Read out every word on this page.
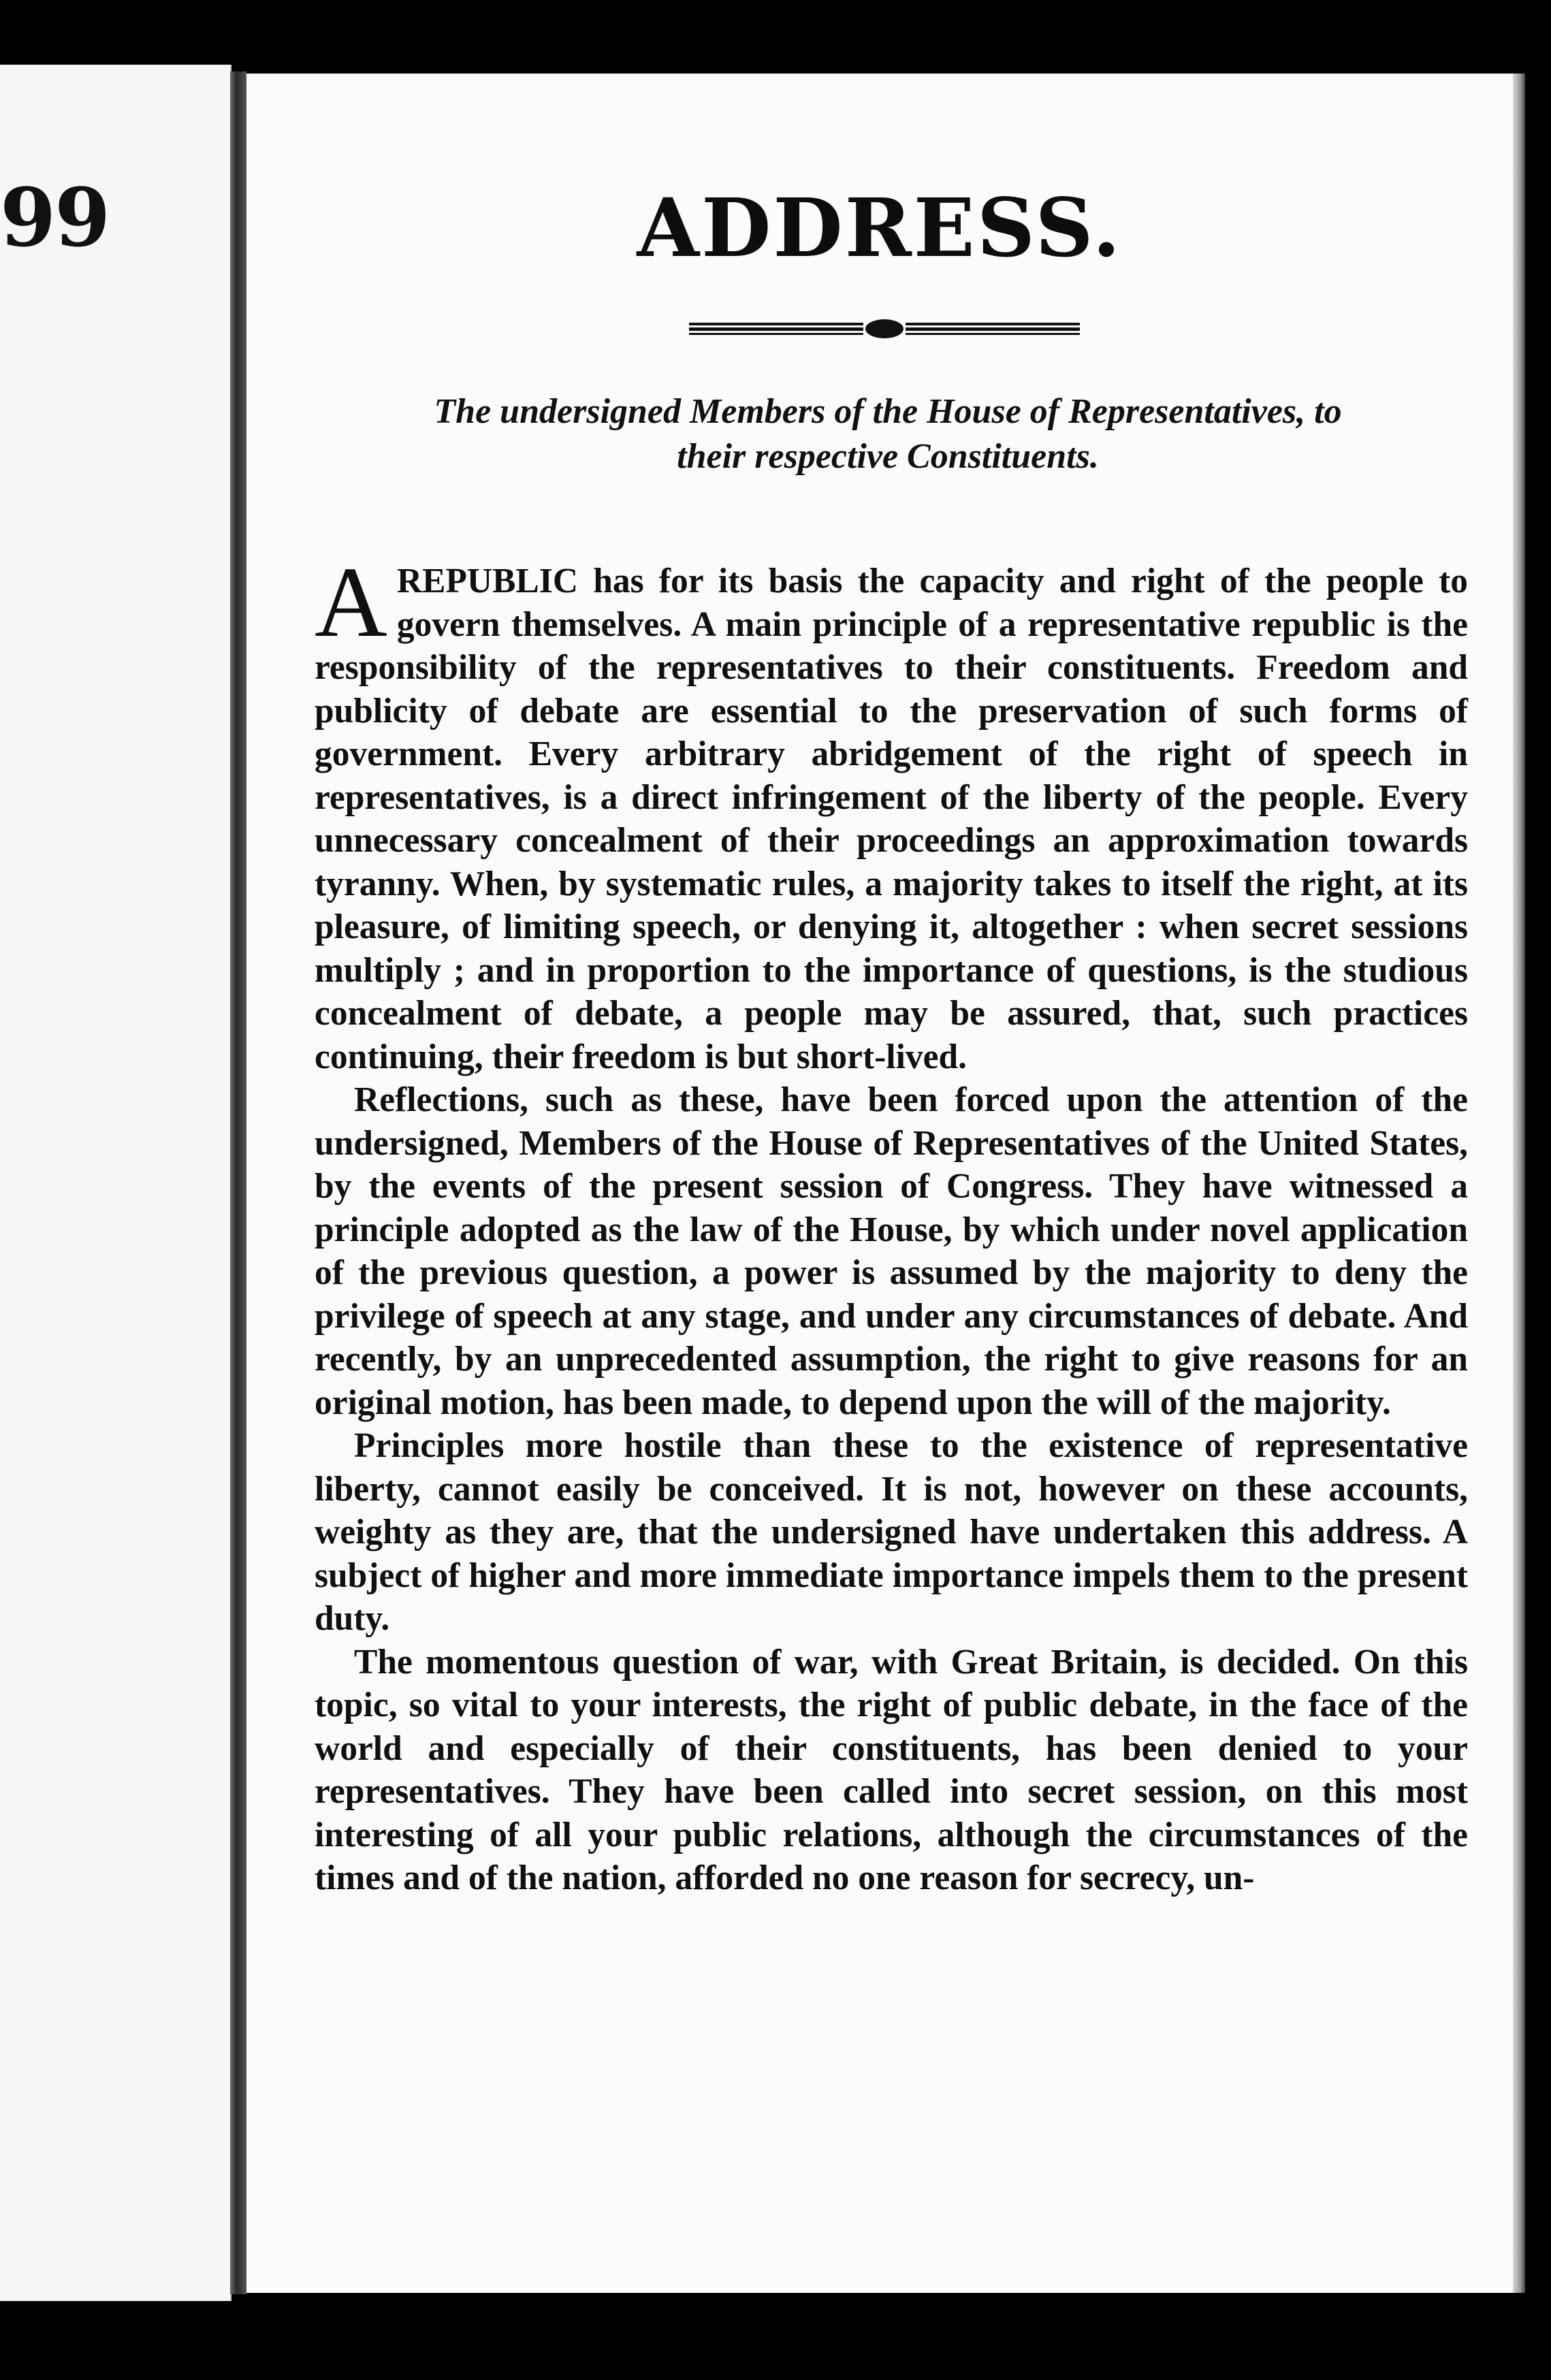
99	ADDRESS.
The undersigned Members of the House of Representatives, to
their respective Constituents.

A REPUBLIC has for its basis the capacity and right of the people to govern themselves. A main principle of a representative republic is the responsibility of the representatives to their constituents. Freedom and publicity of debate are essential to the preservation of such forms of government. Every arbitrary abridgement of the right of speech in representatives, is a direct infringement of the liberty of the people. Every unnecessary concealment of their proceedings an approximation towards tyranny. When, by systematic rules, a majority takes to itself the right, at its pleasure, of limiting speech, or denying it, altogether : when secret sessions multiply ; and in proportion to the importance of questions, is the studious concealment of debate, a people may be assured, that, such practices continuing, their freedom is but short-lived.

Reflections, such as these, have been forced upon the attention of the undersigned, Members of the House of Representatives of the United States, by the events of the present session of Congress. They have witnessed a principle adopted as the law of the House, by which under novel application of the previous question, a power is assumed by the majority to deny the privilege of speech at any stage, and under any circumstances of debate. And recently, by an unprecedented assumption, the right to give reasons for an original motion, has been made, to depend upon the will of the majority.

Principles more hostile than these to the existence of representative liberty, cannot easily be conceived. It is not, however on these accounts, weighty as they are, that the undersigned have undertaken this address. A subject of higher and more immediate importance impels them to the present duty.

The momentous question of war, with Great Britain, is decided. On this topic, so vital to your interests, the right of public debate, in the face of the world and especially of their constituents, has been denied to your representatives. They have been called into secret session, on this most interesting of all your public relations, although the circumstances of the times and of the nation, afforded no one reason for secrecy, un-
